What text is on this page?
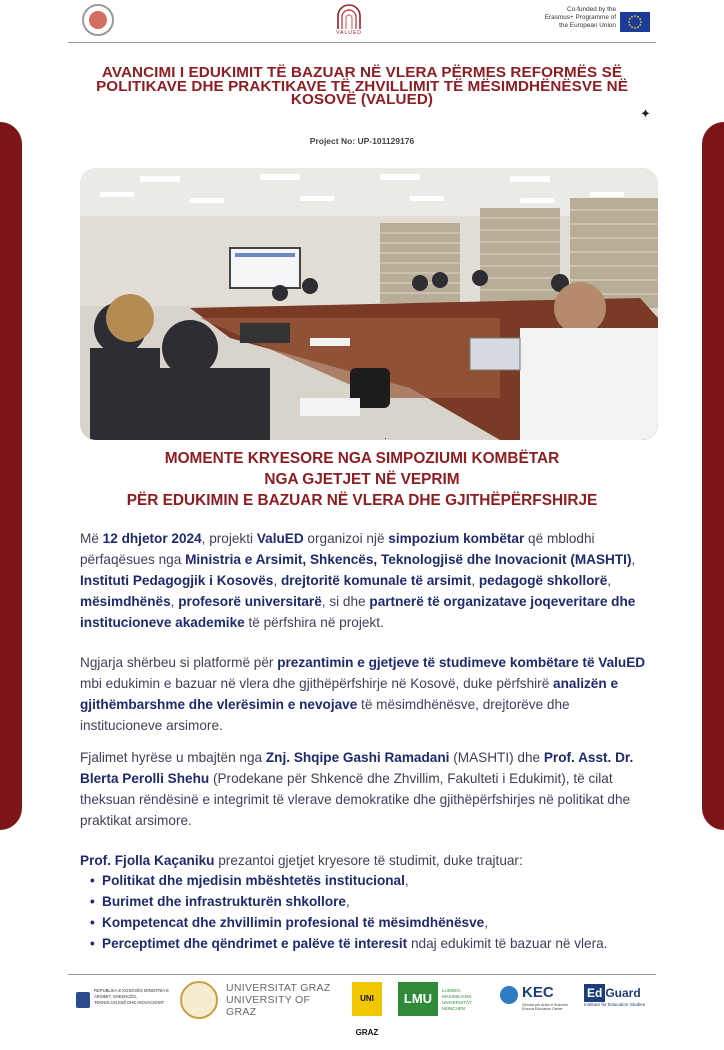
VALUED
Co-funded by the Erasmus+ Programme of the European Union
AVANCIMI I EDUKIMIT TË BAZUAR NË VLERA PËRMES REFORMËS SË POLITIKAVE DHE PRAKTIKAVE TË ZHVILLIMIT TË MËSIMDHËNËSVE NË KOSOVË (VALUED)
✦
Project No: UP-101129176
MOMENTE KRYESORE NGA SIMPOZIUMI KOMBËTAR
NGA GJETJET NË VEPRIM
PËR EDUKIMIN E BAZUAR NË VLERA DHE GJITHËPËRFSHIRJE
Më 12 dhjetor 2024, projekti ValuED organizoi një simpozium kombëtar që mblodhi përfaqësues nga Ministria e Arsimit, Shkencës, Teknologjisë dhe Inovacionit (MASHTI), Instituti Pedagogjik i Kosovës, drejtoritë komunale të arsimit, pedagogë shkollorë, mësimdhënës, profesorë universitarë, si dhe partnerë të organizatave joqeveritare dhe institucioneve akademike të përfshira në projekt.
Ngjarja shërbeu si platformë për prezantimin e gjetjeve të studimeve kombëtare të ValuED mbi edukimin e bazuar në vlera dhe gjithëpërfshirje në Kosovë, duke përfshirë analizën e gjithëmbarshme dhe vlerësimin e nevojave të mësimdhënësve, drejtorëve dhe institucioneve arsimore.
Fjalimet hyrëse u mbajtën nga Znj. Shqipe Gashi Ramadani (MASHTI) dhe Prof. Asst. Dr. Blerta Perolli Shehu (Prodekane për Shkencë dhe Zhvillim, Fakulteti i Edukimit), të cilat theksuan rëndësinë e integrimit të vlerave demokratike dhe gjithëpërfshirjes në politikat dhe praktikat arsimore.
Prof. Fjolla Kaçaniku prezantoi gjetjet kryesore të studimit, duke trajtuar:
• Politikat dhe mjedisin mbështetës institucional,
• Burimet dhe infrastrukturën shkollore,
• Kompetencat dhe zhvillimin profesional të mësimdhënësve,
• Perceptimet dhe qëndrimet e palëve të interesit ndaj edukimit të bazuar në vlera.
REPUBLIKA E KOSOVËS MINISTRIA E ARSIMIT, SHKENCËS, TEKNOLOGJISË DHE INOVACIONIT
UNIVERSITAT GRAZ
UNIVERSITY OF GRAZ
UNI GRAZ
LMU
LUDWIG-MAXIMILIANS-UNIVERSITÄT MÜNCHEN
KEC
Qendra për Arsim e Kosovës · Kosova Education Center
Ed Guard
Institute for Education Studies
